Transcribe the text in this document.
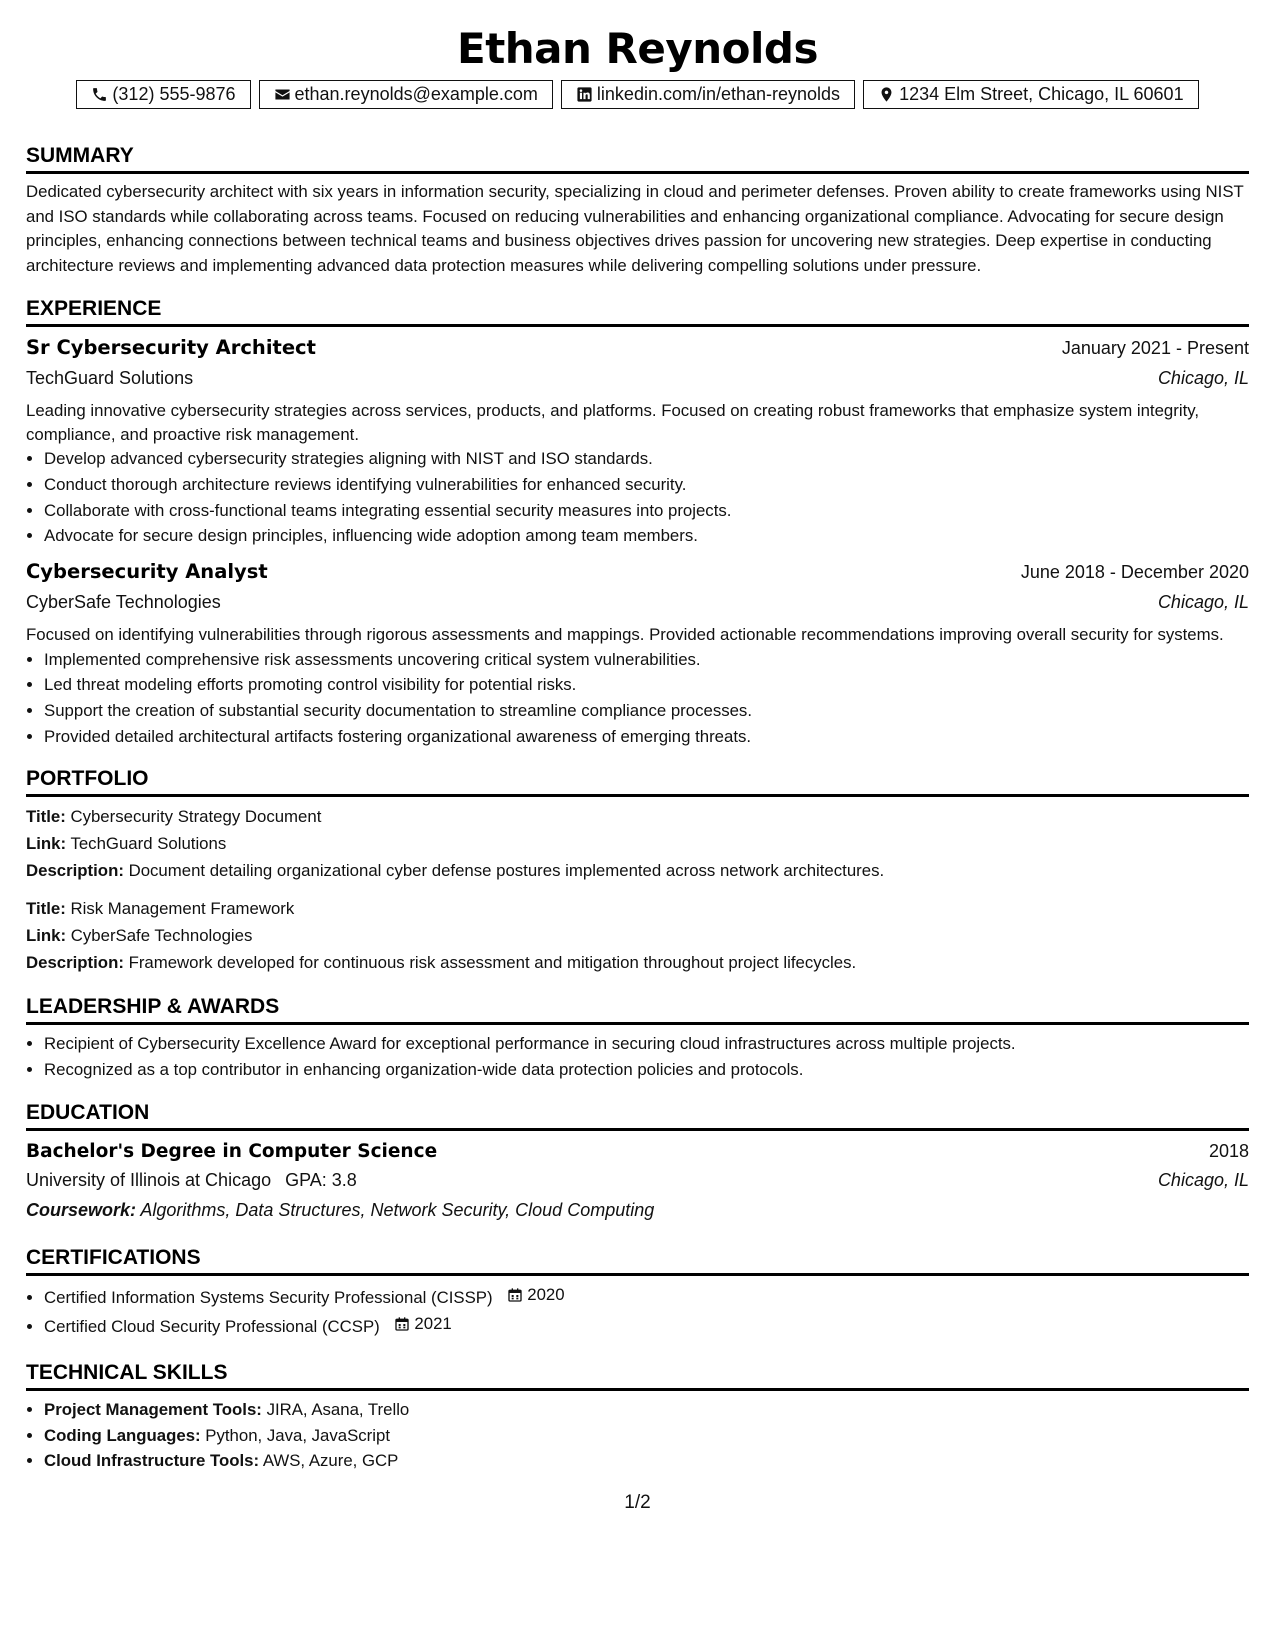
Ethan Reynolds
(312) 555-9876	ethan.reynolds@example.com	linkedin.com/in/ethan-reynolds	1234 Elm Street, Chicago, IL 60601
SUMMARY

Dedicated cybersecurity architect with six years in information security, specializing in cloud and perimeter defenses. Proven ability to create frameworks using NIST and ISO standards while collaborating across teams. Focused on reducing vulnerabilities and enhancing organizational compliance. Advocating for secure design principles, enhancing connections between technical teams and business objectives drives passion for uncovering new strategies. Deep expertise in conducting architecture reviews and implementing advanced data protection measures while delivering compelling solutions under pressure.

EXPERIENCE
Sr Cybersecurity Architect	January 2021 - Present
TechGuard Solutions	Chicago, IL

Leading innovative cybersecurity strategies across services, products, and platforms. Focused on creating robust frameworks that emphasize system integrity, compliance, and proactive risk management.

• Develop advanced cybersecurity strategies aligning with NIST and ISO standards.
• Conduct thorough architecture reviews identifying vulnerabilities for enhanced security.
• Collaborate with cross-functional teams integrating essential security measures into projects.
• Advocate for secure design principles, influencing wide adoption among team members.
Cybersecurity Analyst	June 2018 - December 2020
CyberSafe Technologies	Chicago, IL

Focused on identifying vulnerabilities through rigorous assessments and mappings. Provided actionable recommendations improving overall security for systems.

• Implemented comprehensive risk assessments uncovering critical system vulnerabilities.
• Led threat modeling efforts promoting control visibility for potential risks.
• Support the creation of substantial security documentation to streamline compliance processes.
• Provided detailed architectural artifacts fostering organizational awareness of emerging threats.
PORTFOLIO
Title: Cybersecurity Strategy Document
Link: TechGuard Solutions
Description: Document detailing organizational cyber defense postures implemented across network architectures.
Title: Risk Management Framework
Link: CyberSafe Technologies
Description: Framework developed for continuous risk assessment and mitigation throughout project lifecycles.
LEADERSHIP & AWARDS
• Recipient of Cybersecurity Excellence Award for exceptional performance in securing cloud infrastructures across multiple projects.
• Recognized as a top contributor in enhancing organization-wide data protection policies and protocols.
EDUCATION
Bachelor's Degree in Computer Science	2018
University of Illinois at Chicago GPA: 3.8	Chicago, IL
Coursework: Algorithms, Data Structures, Network Security, Cloud Computing
CERTIFICATIONS
• Certified Information Systems Security Professional (CISSP) 2020
• Certified Cloud Security Professional (CCSP) 2021
TECHNICAL SKILLS
• Project Management Tools: JIRA, Asana, Trello
• Coding Languages: Python, Java, JavaScript
• Cloud Infrastructure Tools: AWS, Azure, GCP
1/2
